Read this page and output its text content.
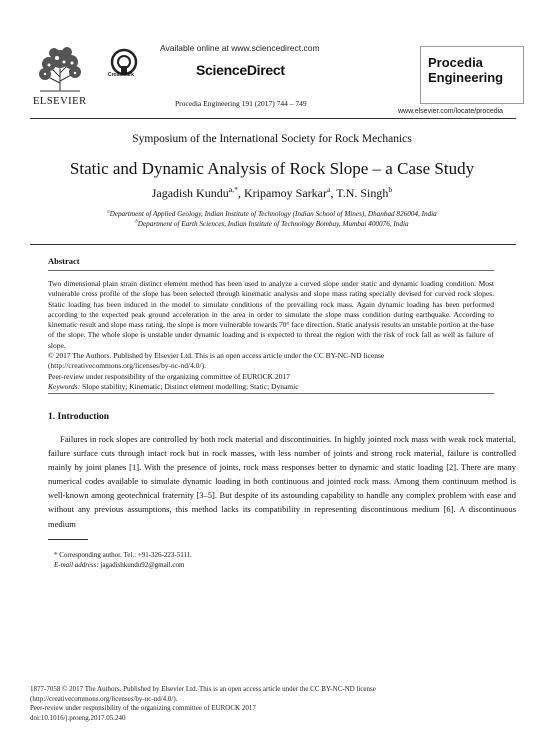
ELSEVIER
CrossMark
Available online at www.sciencedirect.com
ScienceDirect
Procedia Engineering 191 (2017) 744 – 749
Procedia
Engineering
www.elsevier.com/locate/procedia
Symposium of the International Society for Rock Mechanics
Static and Dynamic Analysis of Rock Slope – a Case Study
Jagadish Kundu$^{a,*}$, Kripamoy Sarkar$^a$, T.N. Singh$^b$
$^a$Department of Applied Geology, Indian Institute of Technology (Indian School of Mines), Dhanbad 826004, India
$^b$Department of Earth Sciences, Indian Institute of Technology Bombay, Mumbai 400076, India
Abstract

Two dimensional plain strain distinct element method has been used to analyze a curved slope under static and dynamic loading condition. Most vulnerable cross profile of the slope has been selected through kinematic analysis and slope mass rating specially devised for curved rock slopes. Static loading has been induced in the model to simulate conditions of the prevailing rock mass. Again dynamic loading has been performed according to the expected peak ground acceleration in the area in order to simulate the slope mass condition during earthquake. According to kinematic result and slope mass rating, the slope is more vulnerable towards 70° face direction. Static analysis results an unstable portion at the base of the slope. The whole slope is unstable under dynamic loading and is expected to threat the region with the risk of rock fall as well as failure of slope.

© 2017 The Authors. Published by Elsevier Ltd. This is an open access article under the CC BY-NC-ND license

(http://creativecommons.org/licenses/by-nc-nd/4.0/).

Peer-review under responsibility of the organizing committee of EUROCK 2017

Keywords: Slope stability; Kinematic; Distinct element modelling; Static; Dynamic

1. Introduction
Failures in rock slopes are controlled by both rock material and discontinuities. In highly jointed rock mass with weak rock material, failure surface cuts through intact rock but in rock masses, with less number of joints and strong rock material, failure is controlled mainly by joint planes [1]. With the presence of joints, rock mass responses better to dynamic and static loading [2]. There are many numerical codes available to simulate dynamic loading in both continuous and jointed rock mass. Among them continuum method is well-known among geotechnical fraternity [3–5]. But despite of its astounding capability to handle any complex problem with ease and without any previous assumptions, this method lacks its compatibility in representing discontinuous medium [6]. A discontinuous medium
* Corresponding author. Tel.: +91-326-223-5111.
E-mail address: jagadishkundu92@gmail.com
1877-7058 © 2017 The Authors. Published by Elsevier Ltd. This is an open access article under the CC BY-NC-ND license
(http://creativecommons.org/licenses/by-nc-nd/4.0/).
Peer-review under responsibility of the organizing committee of EUROCK 2017
doi:10.1016/j.proeng.2017.05.240
